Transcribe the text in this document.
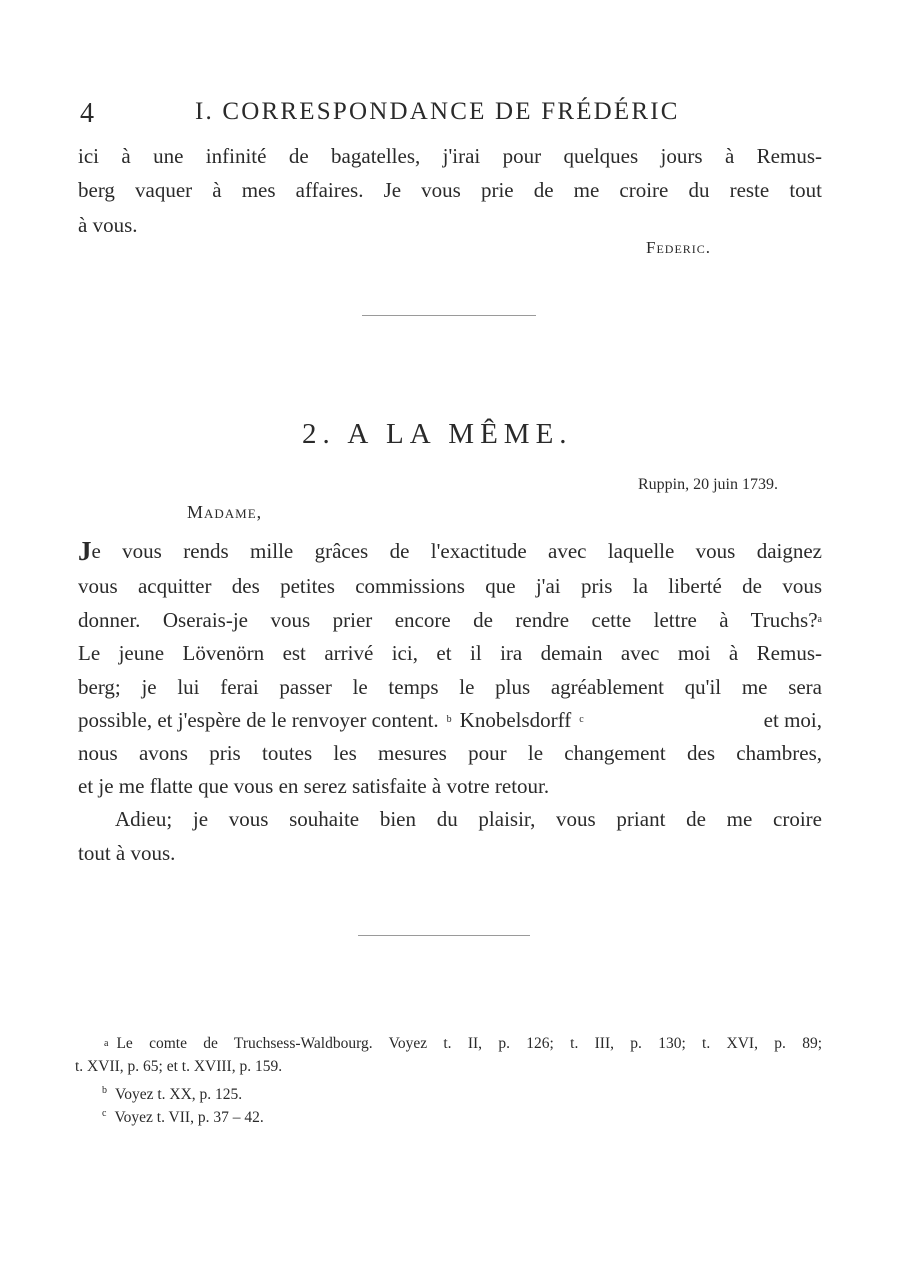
4	I. CORRESPONDANCE DE FRÉDÉRIC
ici à une infinité de bagatelles, j'irai pour quelques jours à Remus-
berg vaquer à mes affaires. Je vous prie de me croire du reste tout
à vous.
Federic.
2. A LA MÊME.
Ruppin, 20 juin 1739.
Madame,
J e vous rends mille grâces de l'exactitude avec laquelle vous daignez
vous acquitter des petites commissions que j'ai pris la liberté de vous
donner. Oserais-je vous prier encore de rendre cette lettre à Truchs? a
Le jeune Lövenörn est arrivé ici, et il ira demain avec moi à Remus-
berg; je lui ferai passer le temps le plus agréablement qu'il me sera
possible, et j'espère de le renvoyer content. b Knobelsdorff c	et moi,
nous avons pris toutes les mesures pour le changement des chambres,
et je me flatte que vous en serez satisfaite à votre retour.
Adieu; je vous souhaite bien du plaisir, vous priant de me croire
tout à vous.
a Le comte de Truchsess-Waldbourg. Voyez t. II, p. 126; t. III, p. 130; t. XVI, p. 89;
t. XVII, p. 65; et t. XVIII, p. 159.
$^b$ Voyez t. XX, p. 125.
$^c$ Voyez t. VII, p. 37 – 42.
